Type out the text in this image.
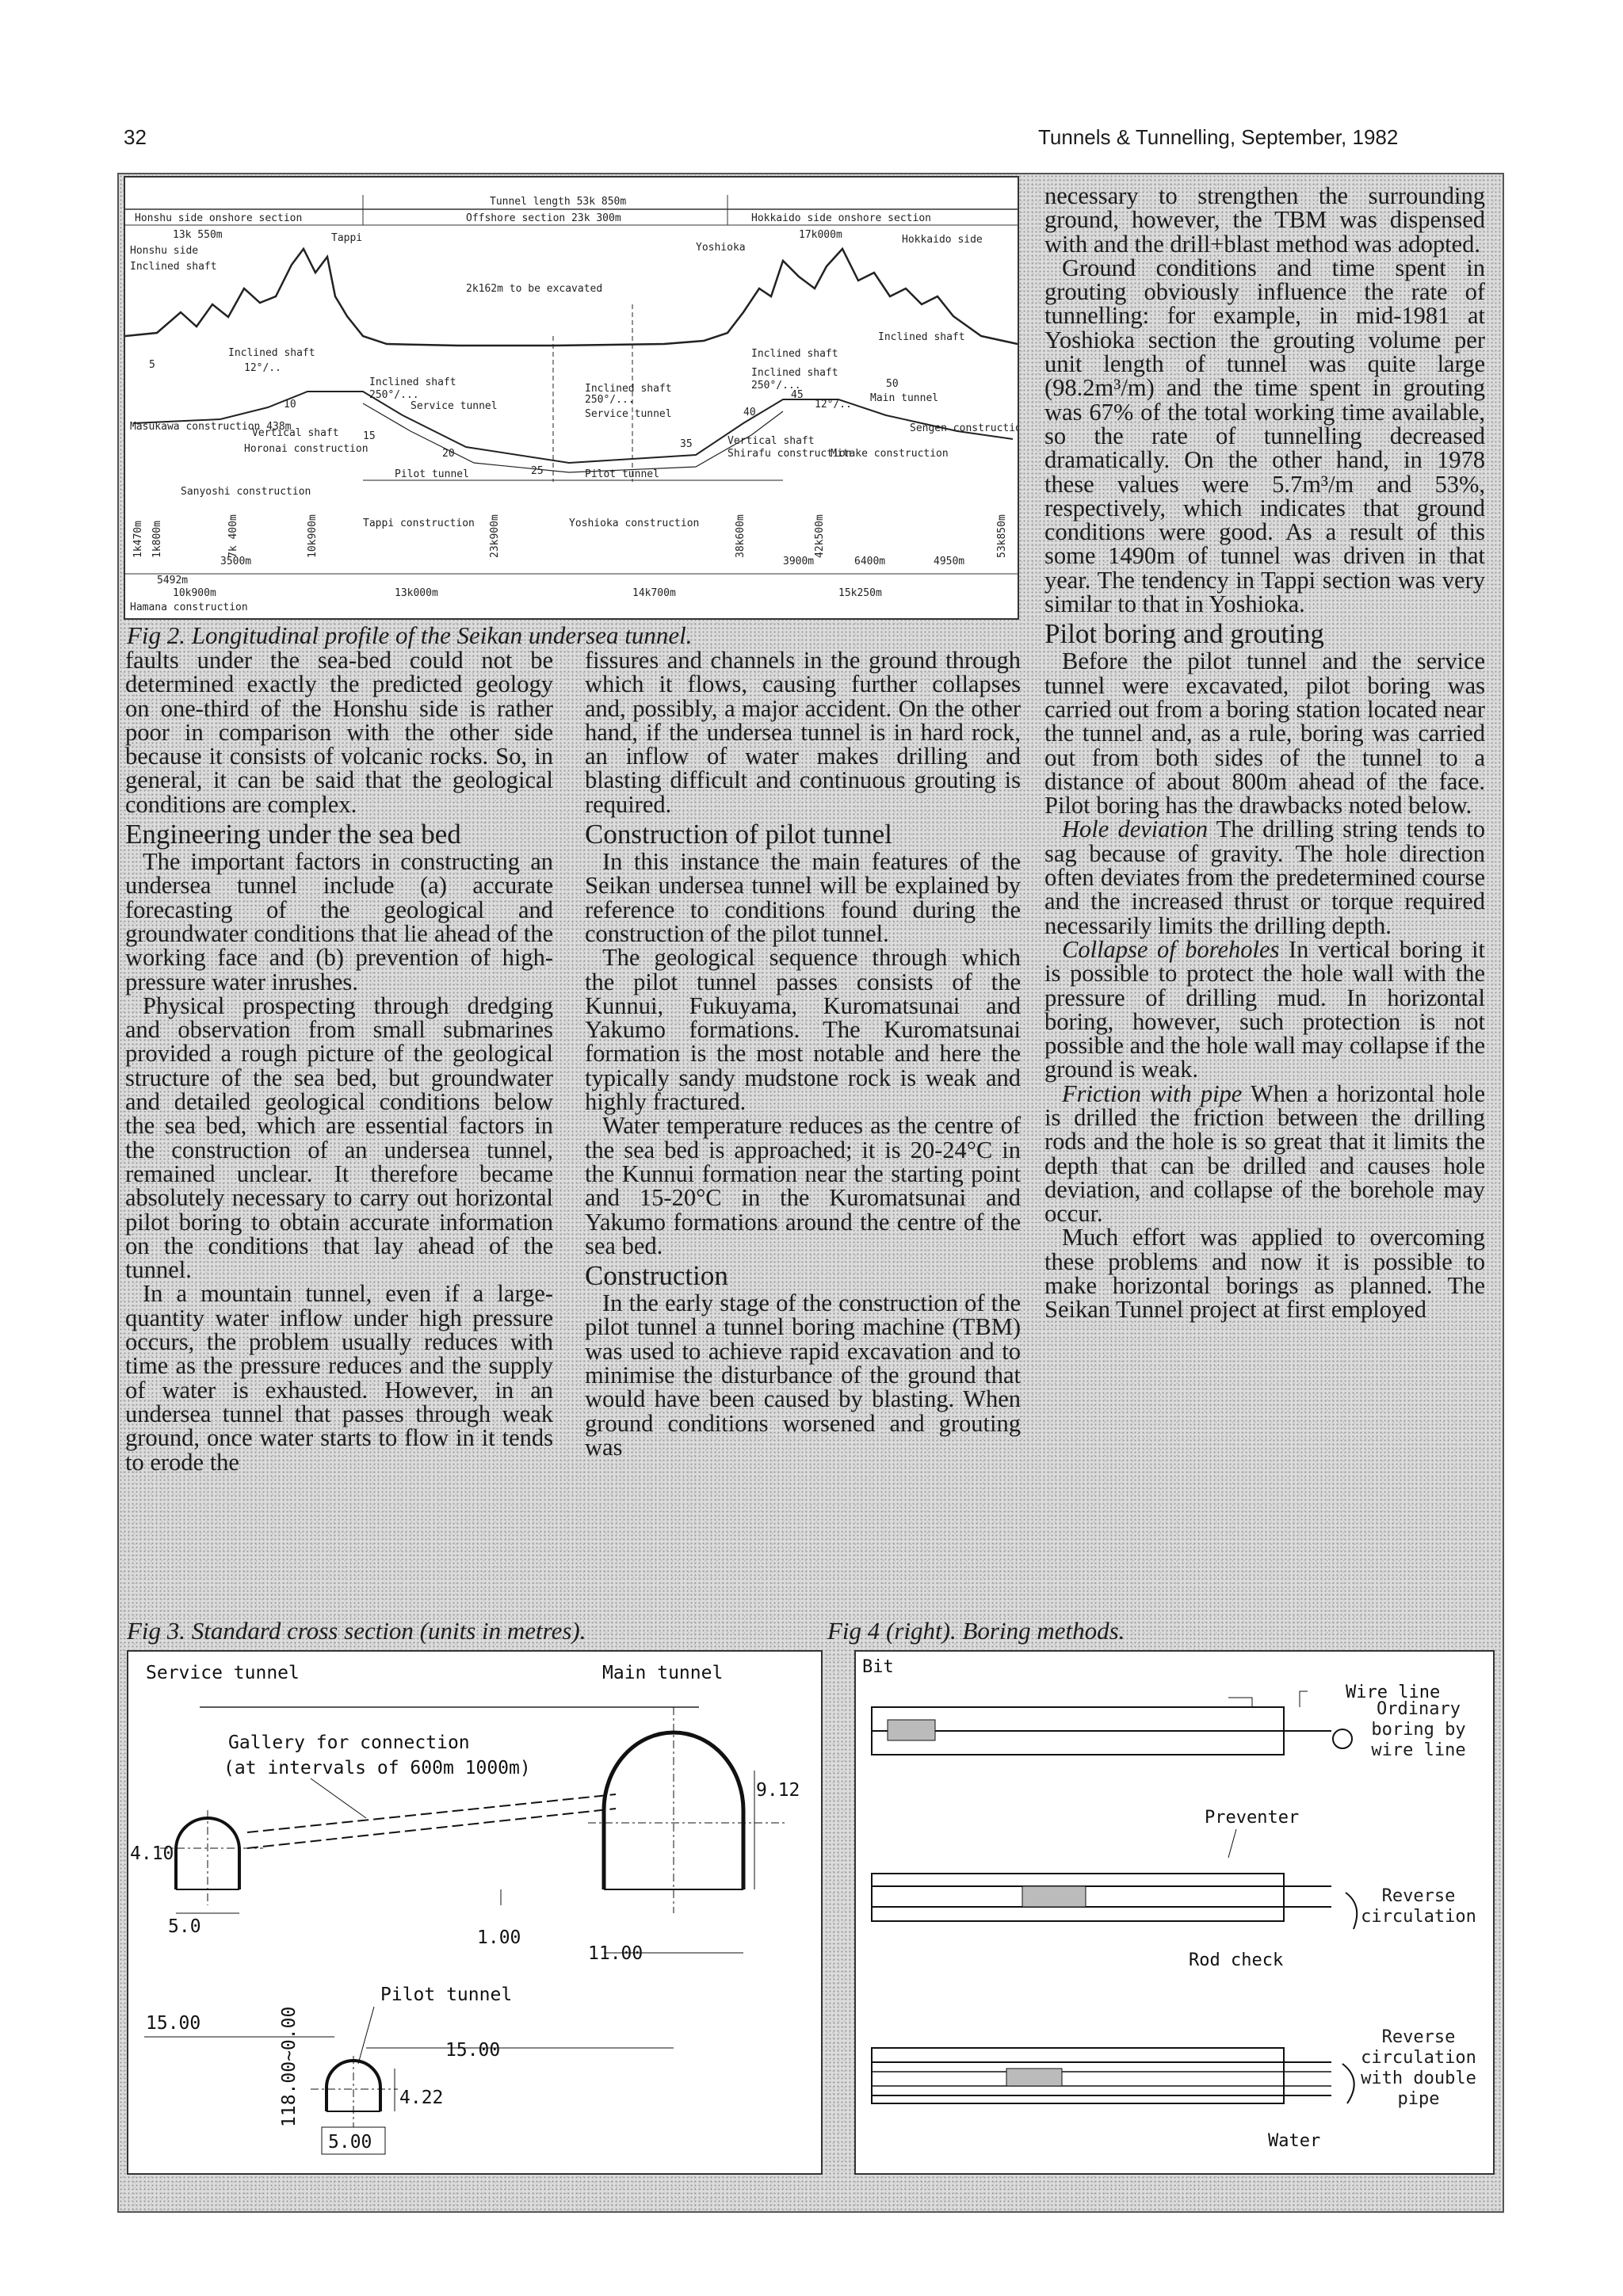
32	Tunnels & Tunnelling, September, 1982
Tunnel length 53k 850m
Honshu side onshore section	Offshore section 23k 300m	Hokkaido side onshore section
13k 550m	17k000m
Honshu side
Hokkaido side
Inclined shaft
Tappi
Yoshioka
2k162m to be excavated
Inclined shaft
12°/..
Inclined shaft
250°/...
Service tunnel
Inclined shaft
250°/...
Service tunnel
Inclined shaft
Inclined shaft
250°/...
Inclined shaft
12°/..
Main tunnel
Pilot tunnel	Pilot tunnel
Masukawa construction 438m
Horonai construction
Vertical shaft
Vertical shaft
Shirafu construction
Mitake construction
Sengen construction
Sanyoshi construction
Tappi construction	Yoshioka construction
5
10
15
20
25
35
40
45
50
3500m
5492m
3900m	6400m	4950m
10k900m	13k000m	14k700m	15k250m
Hamana construction
1k470m 1k800m	7k 400m	10k900m	23k900m	38k600m	42k500m	53k850m
Fig 2. Longitudinal profile of the Seikan undersea tunnel.

faults under the sea-bed could not be determined exactly the predicted geology on one-third of the Honshu side is rather poor in comparison with the other side because it consists of volcanic rocks. So, in general, it can be said that the geological conditions are complex.

Engineering under the sea bed

The important factors in constructing an undersea tunnel include (a) accurate forecasting of the geological and groundwater conditions that lie ahead of the working face and (b) prevention of high-pressure water inrushes.

Physical prospecting through dredging and observation from small submarines provided a rough picture of the geological structure of the sea bed, but groundwater and detailed geological conditions below the sea bed, which are essential factors in the construction of an undersea tunnel, remained unclear. It therefore became absolutely necessary to carry out horizontal pilot boring to obtain accurate information on the conditions that lay ahead of the tunnel.

In a mountain tunnel, even if a large-quantity water inflow under high pressure occurs, the problem usually reduces with time as the pressure reduces and the supply of water is exhausted. However, in an undersea tunnel that passes through weak ground, once water starts to flow in it tends to erode the

fissures and channels in the ground through which it flows, causing further collapses and, possibly, a major accident. On the other hand, if the undersea tunnel is in hard rock, an inflow of water makes drilling and blasting difficult and continuous grouting is required.

Construction of pilot tunnel

In this instance the main features of the Seikan undersea tunnel will be explained by reference to conditions found during the construction of the pilot tunnel.

The geological sequence through which the pilot tunnel passes consists of the Kunnui, Fukuyama, Kuromatsunai and Yakumo formations. The Kuromatsunai formation is the most notable and here the typically sandy mudstone rock is weak and highly fractured.

Water temperature reduces as the centre of the sea bed is approached; it is 20-24°C in the Kunnui formation near the starting point and 15-20°C in the Kuromatsunai and Yakumo formations around the centre of the sea bed.

Construction

In the early stage of the construction of the pilot tunnel a tunnel boring machine (TBM) was used to achieve rapid excavation and to minimise the disturbance of the ground that would have been caused by blasting. When ground conditions worsened and grouting was

necessary to strengthen the surrounding ground, however, the TBM was dispensed with and the drill+blast method was adopted.

Ground conditions and time spent in grouting obviously influence the rate of tunnelling: for example, in mid-1981 at Yoshioka section the grouting volume per unit length of tunnel was quite large (98.2m³/m) and the time spent in grouting was 67% of the total working time available, so the rate of tunnelling decreased dramatically. On the other hand, in 1978 these values were 5.7m³/m and 53%, respectively, which indicates that ground conditions were good. As a result of this some 1490m of tunnel was driven in that year. The tendency in Tappi section was very similar to that in Yoshioka.

Pilot boring and grouting

Before the pilot tunnel and the service tunnel were excavated, pilot boring was carried out from a boring station located near the tunnel and, as a rule, boring was carried out from both sides of the tunnel to a distance of about 800m ahead of the face. Pilot boring has the drawbacks noted below.

Hole deviation The drilling string tends to sag because of gravity. The hole direction often deviates from the predetermined course and the increased thrust or torque required necessarily limits the drilling depth.

Collapse of boreholes In vertical boring it is possible to protect the hole wall with the pressure of drilling mud. In horizontal boring, however, such protection is not possible and the hole wall may collapse if the ground is weak.

Friction with pipe When a horizontal hole is drilled the friction between the drilling rods and the hole is so great that it limits the depth that can be drilled and causes hole deviation, and collapse of the borehole may occur.

Much effort was applied to overcoming these problems and now it is possible to make horizontal borings as planned. The Seikan Tunnel project at first employed

Fig 3. Standard cross section (units in metres).	Fig 4 (right). Boring methods.
Service tunnel	Main tunnel
Gallery for connection
(at intervals of 600m 1000m)
4.10
9.12
5.0
1.00
11.00
Pilot tunnel
15.00
15.00
118.00~0.00	4.22
5.00
Bit
Wire line
Ordinary boring by wire line
Preventer
Rod check
Reverse circulation
Water
Reverse circulation with double pipe
